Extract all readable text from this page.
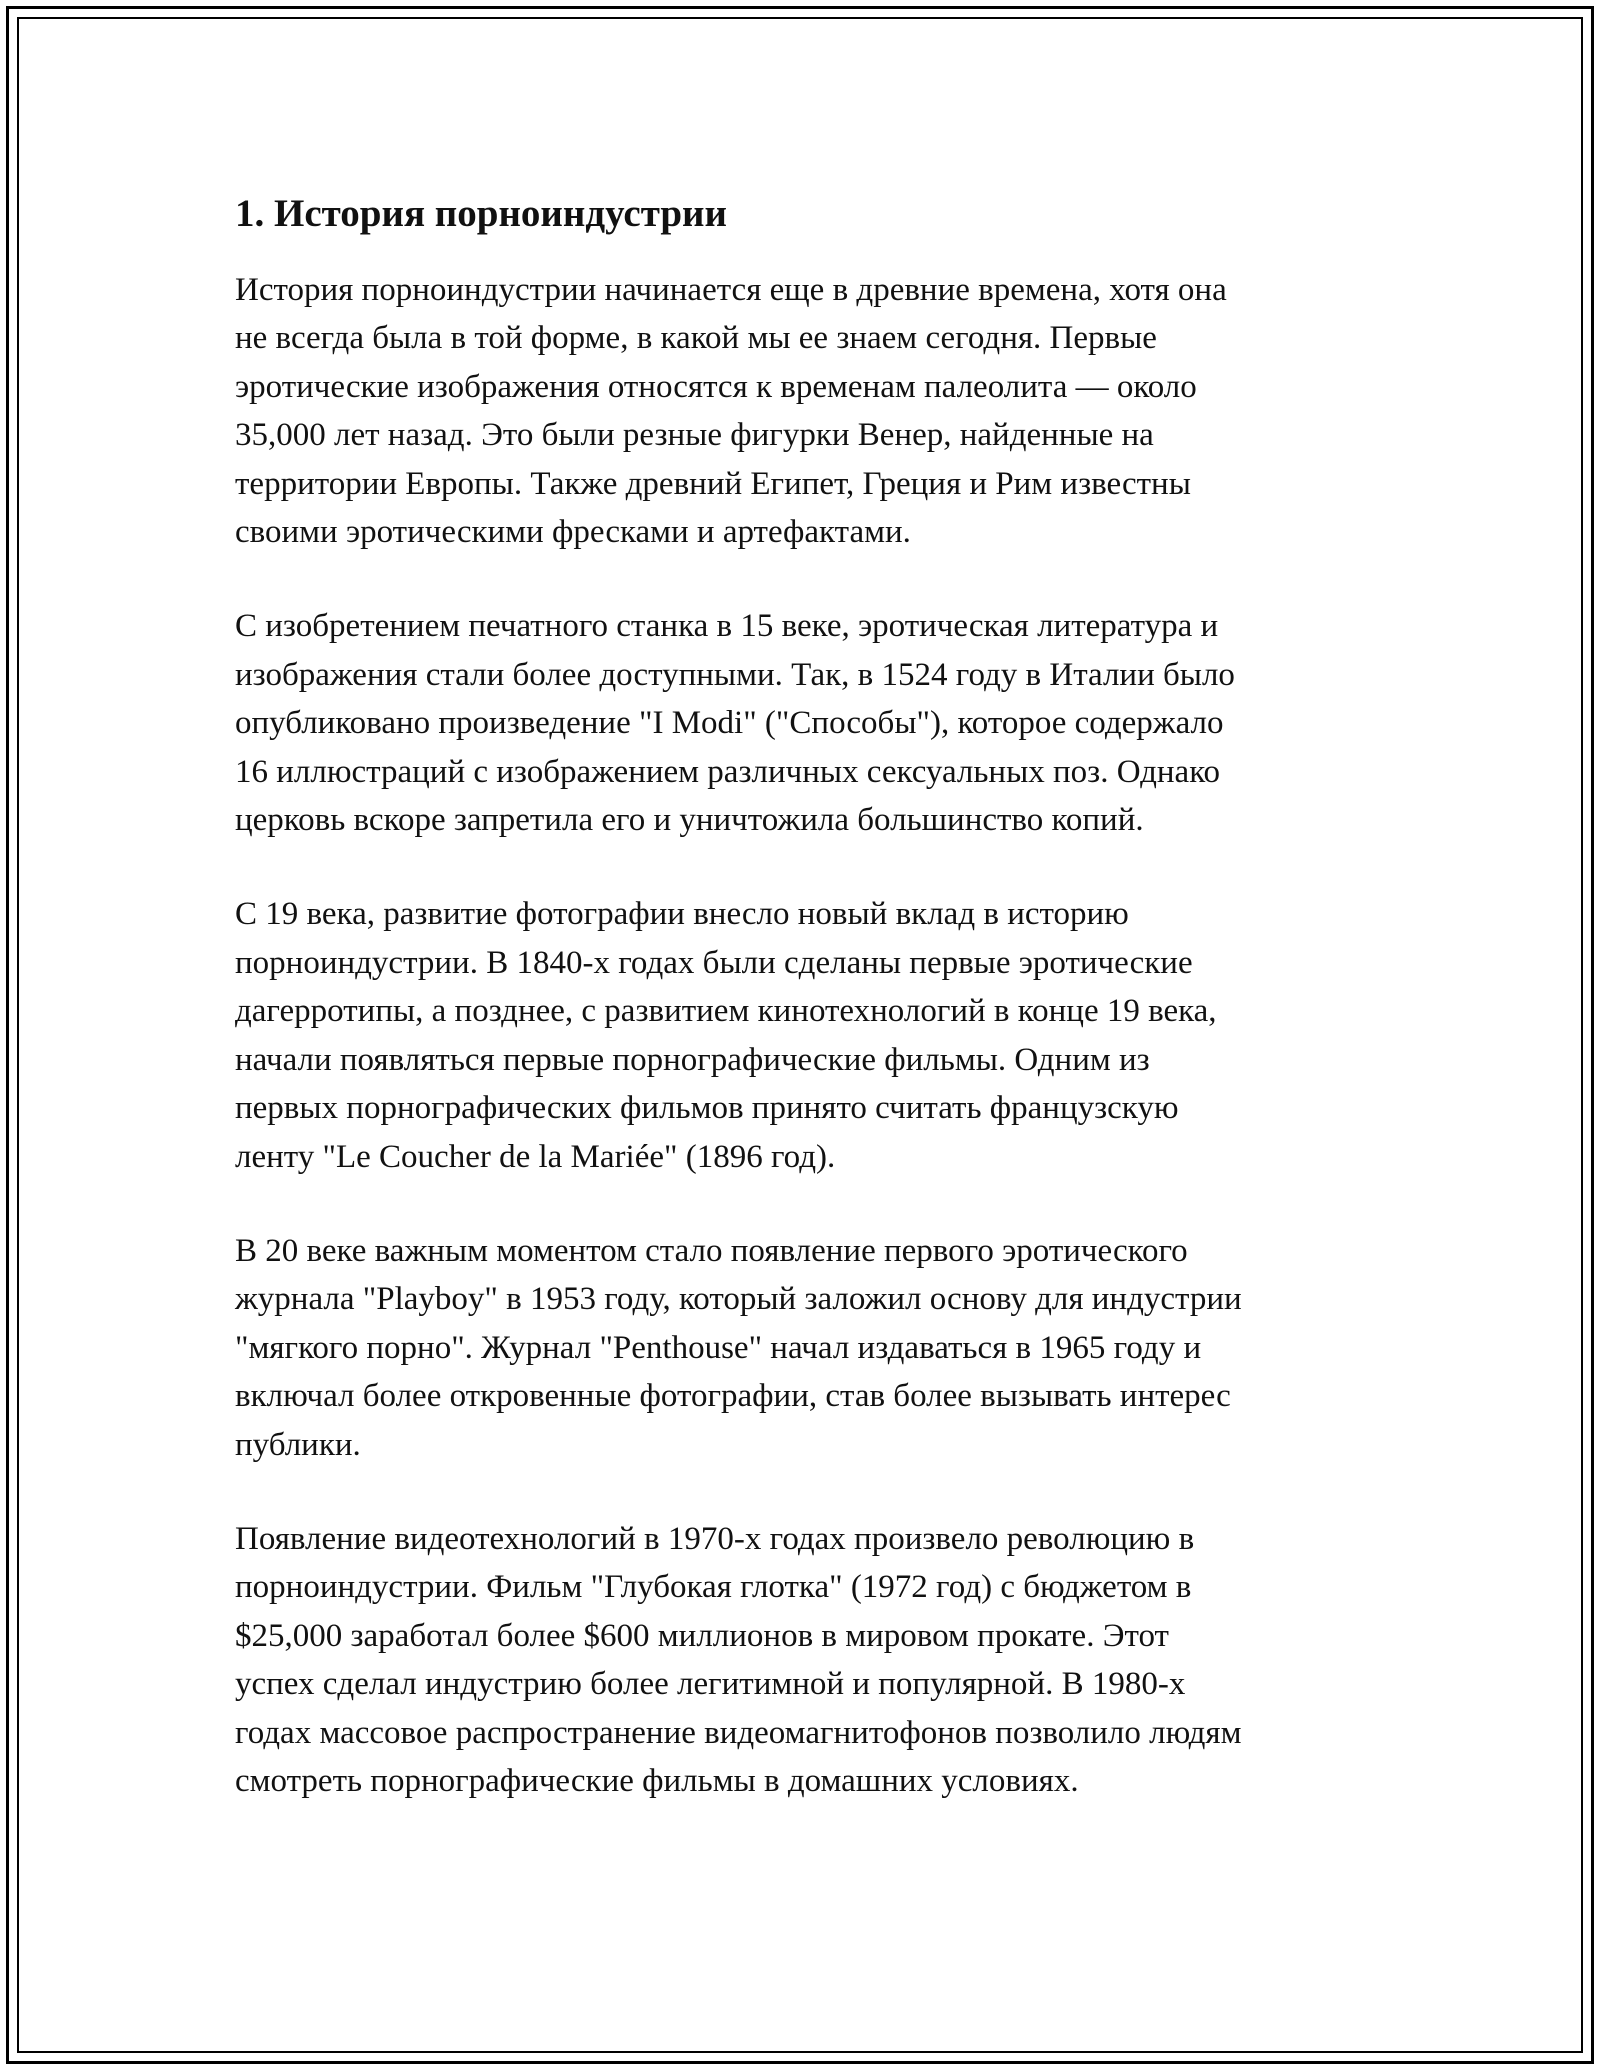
1. История порноиндустрии
История порноиндустрии начинается еще в древние времена, хотя она
не всегда была в той форме, в какой мы ее знаем сегодня. Первые
эротические изображения относятся к временам палеолита — около
35,000 лет назад. Это были резные фигурки Венер, найденные на
территории Европы. Также древний Египет, Греция и Рим известны
своими эротическими фресками и артефактами.
С изобретением печатного станка в 15 веке, эротическая литература и
изображения стали более доступными. Так, в 1524 году в Италии было
опубликовано произведение "I Modi" ("Способы"), которое содержало
16 иллюстраций с изображением различных сексуальных поз. Однако
церковь вскоре запретила его и уничтожила большинство копий.
С 19 века, развитие фотографии внесло новый вклад в историю
порноиндустрии. В 1840-х годах были сделаны первые эротические
дагерротипы, а позднее, с развитием кинотехнологий в конце 19 века,
начали появляться первые порнографические фильмы. Одним из
первых порнографических фильмов принято считать французскую
ленту "Le Coucher de la Mariée" (1896 год).
В 20 веке важным моментом стало появление первого эротического
журнала "Playboy" в 1953 году, который заложил основу для индустрии
"мягкого порно". Журнал "Penthouse" начал издаваться в 1965 году и
включал более откровенные фотографии, став более вызывать интерес
публики.
Появление видеотехнологий в 1970-х годах произвело революцию в
порноиндустрии. Фильм "Глубокая глотка" (1972 год) с бюджетом в
$25,000 заработал более $600 миллионов в мировом прокате. Этот
успех сделал индустрию более легитимной и популярной. В 1980-х
годах массовое распространение видеомагнитофонов позволило людям
смотреть порнографические фильмы в домашних условиях.
